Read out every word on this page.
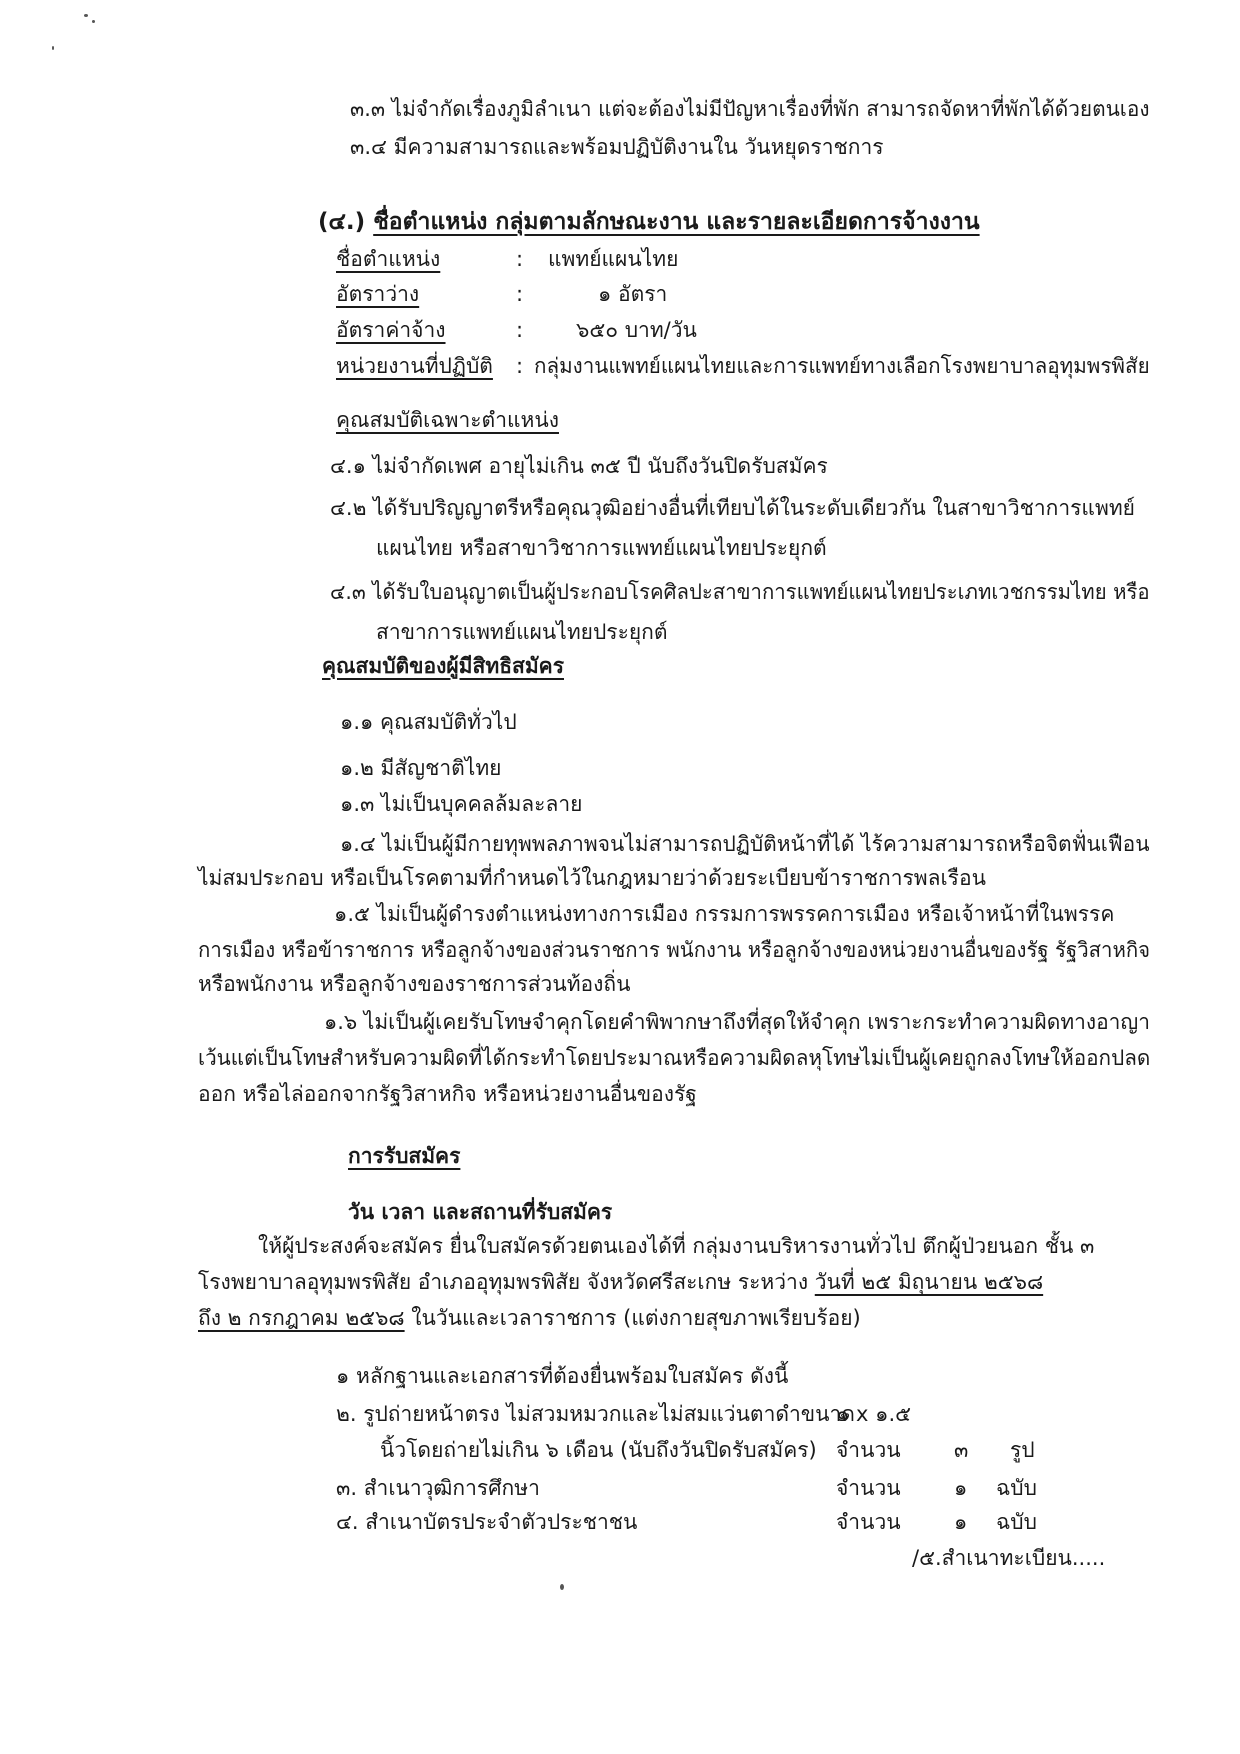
๓.๓ ไม่จำกัดเรื่องภูมิลำเนา แต่จะต้องไม่มีปัญหาเรื่องที่พัก สามารถจัดหาที่พักได้ด้วยตนเอง
๓.๔ มีความสามารถและพร้อมปฏิบัติงานใน วันหยุดราชการ
(๔.) ชื่อตำแหน่ง กลุ่มตามลักษณะงาน และรายละเอียดการจ้างงาน
ชื่อตำแหน่ง	: แพทย์แผนไทย
อัตราว่าง	:	๑ อัตรา
อัตราค่าจ้าง	:	๖๕๐ บาท/วัน
หน่วยงานที่ปฏิบัติ : กลุ่มงานแพทย์แผนไทยและการแพทย์ทางเลือกโรงพยาบาลอุทุมพรพิสัย
คุณสมบัติเฉพาะตำแหน่ง
๔.๑ ไม่จำกัดเพศ อายุไม่เกิน ๓๕ ปี นับถึงวันปิดรับสมัคร
๔.๒ ได้รับปริญญาตรีหรือคุณวุฒิอย่างอื่นที่เทียบได้ในระดับเดียวกัน ในสาขาวิชาการแพทย์
แผนไทย หรือสาขาวิชาการแพทย์แผนไทยประยุกต์
๔.๓ ได้รับใบอนุญาตเป็นผู้ประกอบโรคศิลปะสาขาการแพทย์แผนไทยประเภทเวชกรรมไทย หรือ
สาขาการแพทย์แผนไทยประยุกต์
คุณสมบัติของผู้มีสิทธิสมัคร
๑.๑ คุณสมบัติทั่วไป
๑.๒ มีสัญชาติไทย
๑.๓ ไม่เป็นบุคคลล้มละลาย
๑.๔ ไม่เป็นผู้มีกายทุพพลภาพจนไม่สามารถปฏิบัติหน้าที่ได้ ไร้ความสามารถหรือจิตฟั่นเฟือน
ไม่สมประกอบ หรือเป็นโรคตามที่กำหนดไว้ในกฎหมายว่าด้วยระเบียบข้าราชการพลเรือน
๑.๕ ไม่เป็นผู้ดำรงตำแหน่งทางการเมือง กรรมการพรรคการเมือง หรือเจ้าหน้าที่ในพรรค
การเมือง หรือข้าราชการ หรือลูกจ้างของส่วนราชการ พนักงาน หรือลูกจ้างของหน่วยงานอื่นของรัฐ รัฐวิสาหกิจ
หรือพนักงาน หรือลูกจ้างของราชการส่วนท้องถิ่น
๑.๖ ไม่เป็นผู้เคยรับโทษจำคุกโดยคำพิพากษาถึงที่สุดให้จำคุก เพราะกระทำความผิดทางอาญา
เว้นแต่เป็นโทษสำหรับความผิดที่ได้กระทำโดยประมาณหรือความผิดลหุโทษไม่เป็นผู้เคยถูกลงโทษให้ออกปลด
ออก หรือไล่ออกจากรัฐวิสาหกิจ หรือหน่วยงานอื่นของรัฐ
การรับสมัคร
วัน เวลา และสถานที่รับสมัคร
ให้ผู้ประสงค์จะสมัคร ยื่นใบสมัครด้วยตนเองได้ที่ กลุ่มงานบริหารงานทั่วไป ตึกผู้ป่วยนอก ชั้น ๓
โรงพยาบาลอุทุมพรพิสัย อำเภออุทุมพรพิสัย จังหวัดศรีสะเกษ ระหว่าง วันที่ ๒๕ มิถุนายน ๒๕๖๘
ถึง ๒ กรกฎาคม ๒๕๖๘ ในวันและเวลาราชการ (แต่งกายสุขภาพเรียบร้อย)
๑ หลักฐานและเอกสารที่ต้องยื่นพร้อมใบสมัคร ดังนี้
๒. รูปถ่ายหน้าตรง ไม่สวมหมวกและไม่สมแว่นตาดำขนาด
๑ x ๑.๕
นิ้วโดยถ่ายไม่เกิน ๖ เดือน (นับถึงวันปิดรับสมัคร) จำนวน	๓ รูป
๓. สำเนาวุฒิการศึกษา	จำนวน	๑ ฉบับ
๔. สำเนาบัตรประจำตัวประชาชน	จำนวน	๑ ฉบับ
/๕.สำเนาทะเบียน.....
